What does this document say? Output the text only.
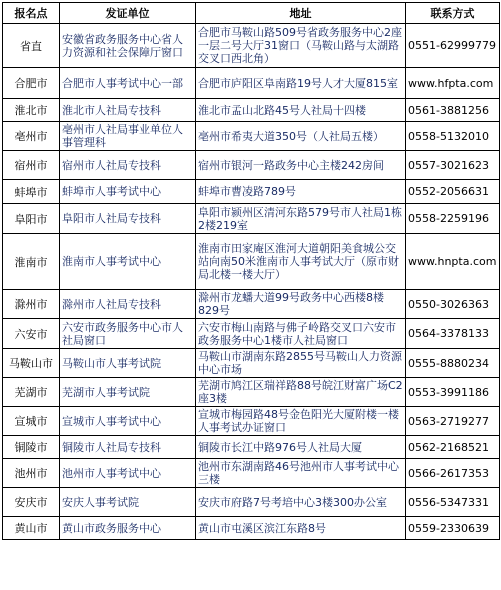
报名点	发证单位	地址	联系方式
省直	安徽省政务服务中心省人力资源和社会保障厅窗口	合肥市马鞍山路509号省政务服务中心2座一层二号大厅31窗口（马鞍山路与太湖路交叉口西北角）	0551-62999779
合肥市	合肥市人事考试中心一部	合肥市庐阳区阜南路19号人才大厦815室	www.hfpta.com
淮北市	淮北市人社局专技科	淮北市孟山北路45号人社局十四楼	0561-3881256
亳州市	亳州市人社局事业单位人事管理科	亳州市希夷大道350号（人社局五楼）	0558-5132010
宿州市	宿州市人社局专技科	宿州市银河一路政务中心主楼242房间	0557-3021623
蚌埠市	蚌埠市人事考试中心	蚌埠市曹凌路789号	0552-2056631
阜阳市	阜阳市人社局专技科	阜阳市颍州区清河东路579号市人社局1栋2楼219室	0558-2259196
淮南市	淮南市人事考试中心	淮南市田家庵区淮河大道朝阳美食城公交站向南50米淮南市人事考试大厅（原市财局北楼一楼大厅）	www.hnpta.com
滁州市	滁州市人社局专技科	滁州市龙蟠大道99号政务中心西楼8楼829号	0550-3026363
六安市	六安市政务服务中心市人社局窗口	六安市梅山南路与佛子岭路交叉口六安市政务服务中心1楼市人社局窗口	0564-3378133
马鞍山市	马鞍山市人事考试院	马鞍山市湖南东路2855号马鞍山人力资源中心市场	0555-8880234
芜湖市	芜湖市人事考试院	芜湖市鸠江区瑞祥路88号皖江财富广场C2座3楼	0553-3991186
宣城市	宣城市人事考试中心	宣城市梅园路48号金色阳光大厦附楼一楼人事考试办证窗口	0563-2719277
铜陵市	铜陵市人社局专技科	铜陵市长江中路976号人社局大厦	0562-2168521
池州市	池州市人事考试中心	池州市东湖南路46号池州市人事考试中心三楼	0566-2617353
安庆市	安庆人事考试院	安庆市府路7号考培中心3楼300办公室	0556-5347331
黄山市	黄山市政务服务中心	黄山市屯溪区滨江东路8号	0559-2330639
